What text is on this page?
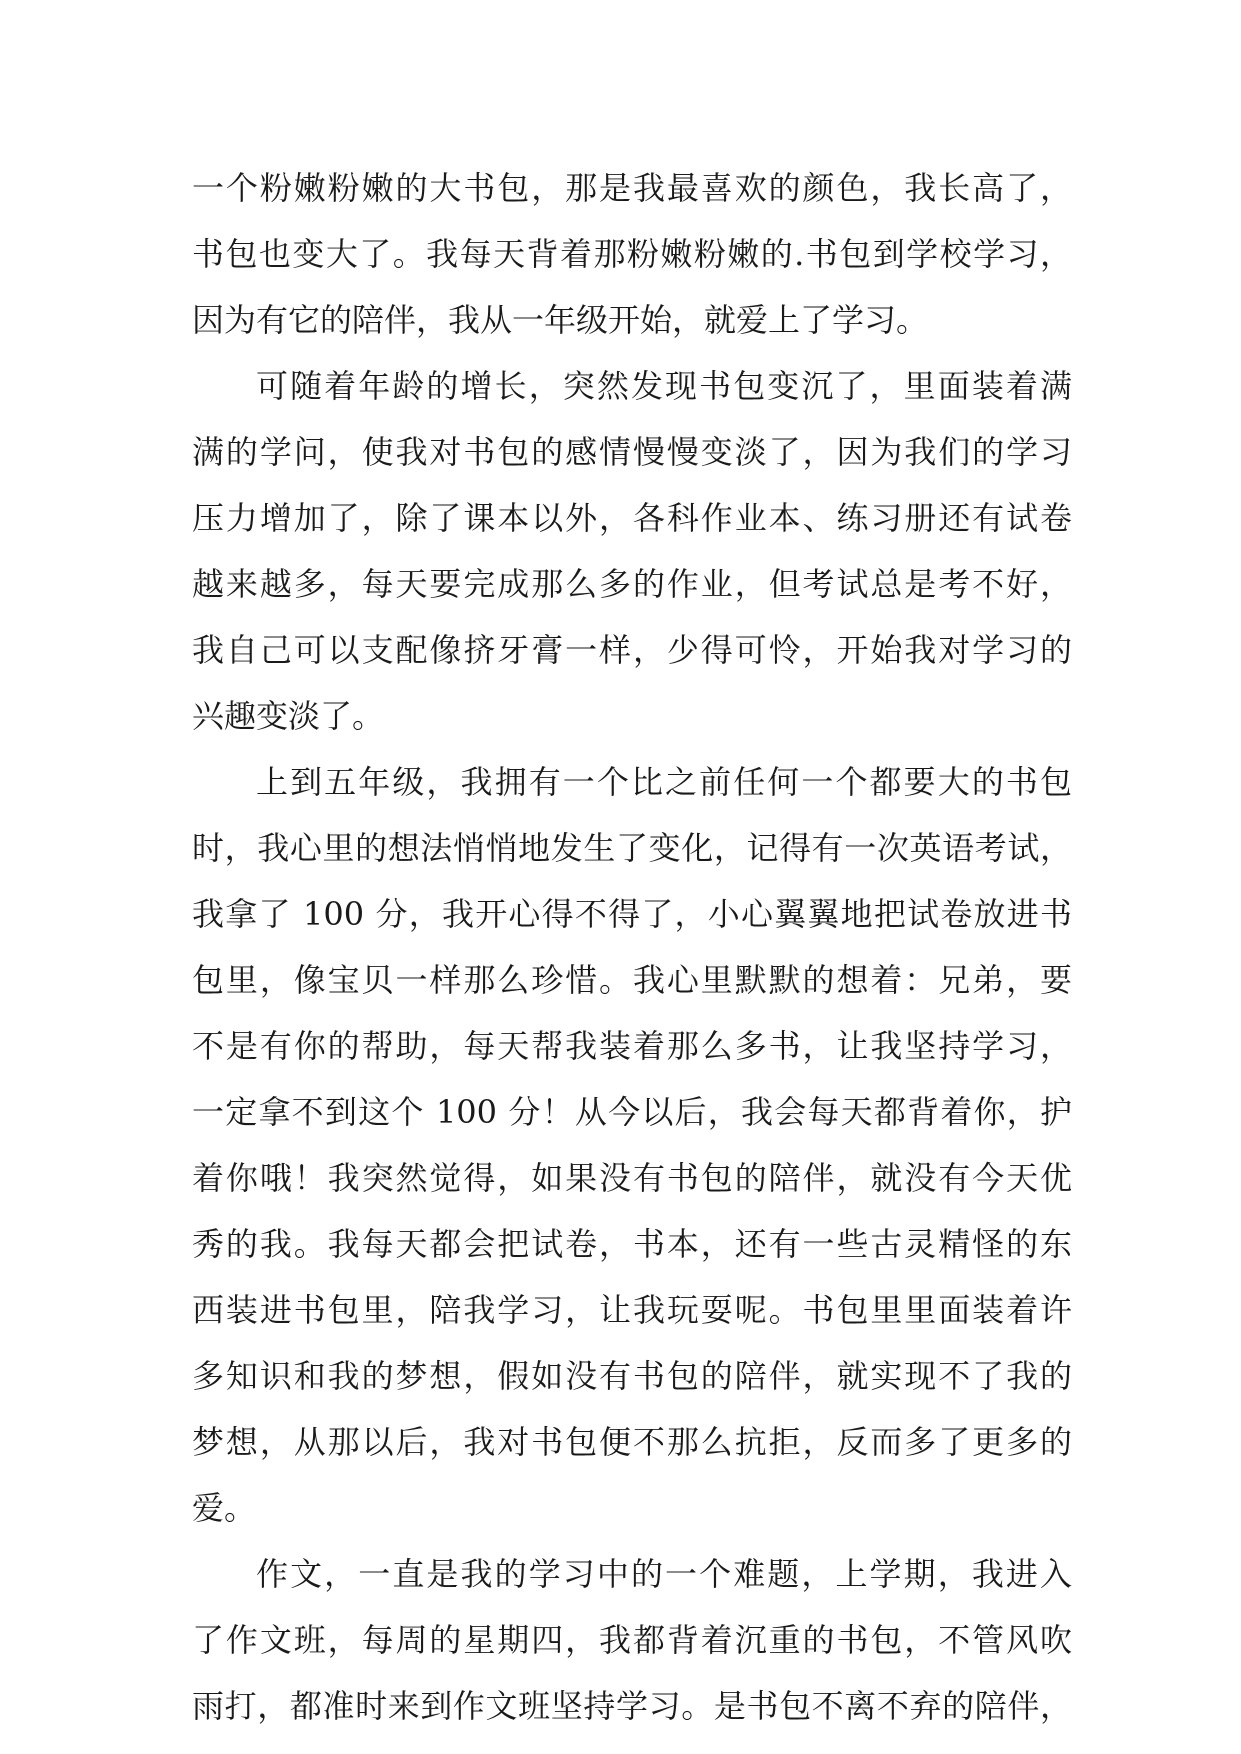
一个粉嫩粉嫩的大书包，那是我最喜欢的颜色，我长高了，
书包也变大了。我每天背着那粉嫩粉嫩的.书包到学校学习，
因为有它的陪伴，我从一年级开始，就爱上了学习。
可随着年龄的增长，突然发现书包变沉了，里面装着满
满的学问，使我对书包的感情慢慢变淡了，因为我们的学习
压力增加了，除了课本以外，各科作业本、练习册还有试卷
越来越多，每天要完成那么多的作业，但考试总是考不好，
我自己可以支配像挤牙膏一样，少得可怜，开始我对学习的
兴趣变淡了。
上到五年级，我拥有一个比之前任何一个都要大的书包
时，我心里的想法悄悄地发生了变化，记得有一次英语考试，
我拿了 100 分，我开心得不得了，小心翼翼地把试卷放进书
包里，像宝贝一样那么珍惜。我心里默默的想着：兄弟，要
不是有你的帮助，每天帮我装着那么多书，让我坚持学习，
一定拿不到这个 100 分！从今以后，我会每天都背着你，护
着你哦！我突然觉得，如果没有书包的陪伴，就没有今天优
秀的我。我每天都会把试卷，书本，还有一些古灵精怪的东
西装进书包里，陪我学习，让我玩耍呢。书包里里面装着许
多知识和我的梦想，假如没有书包的陪伴，就实现不了我的
梦想，从那以后，我对书包便不那么抗拒，反而多了更多的
爱。
作文，一直是我的学习中的一个难题，上学期，我进入
了作文班，每周的星期四，我都背着沉重的书包，不管风吹
雨打，都准时来到作文班坚持学习。是书包不离不弃的陪伴，
